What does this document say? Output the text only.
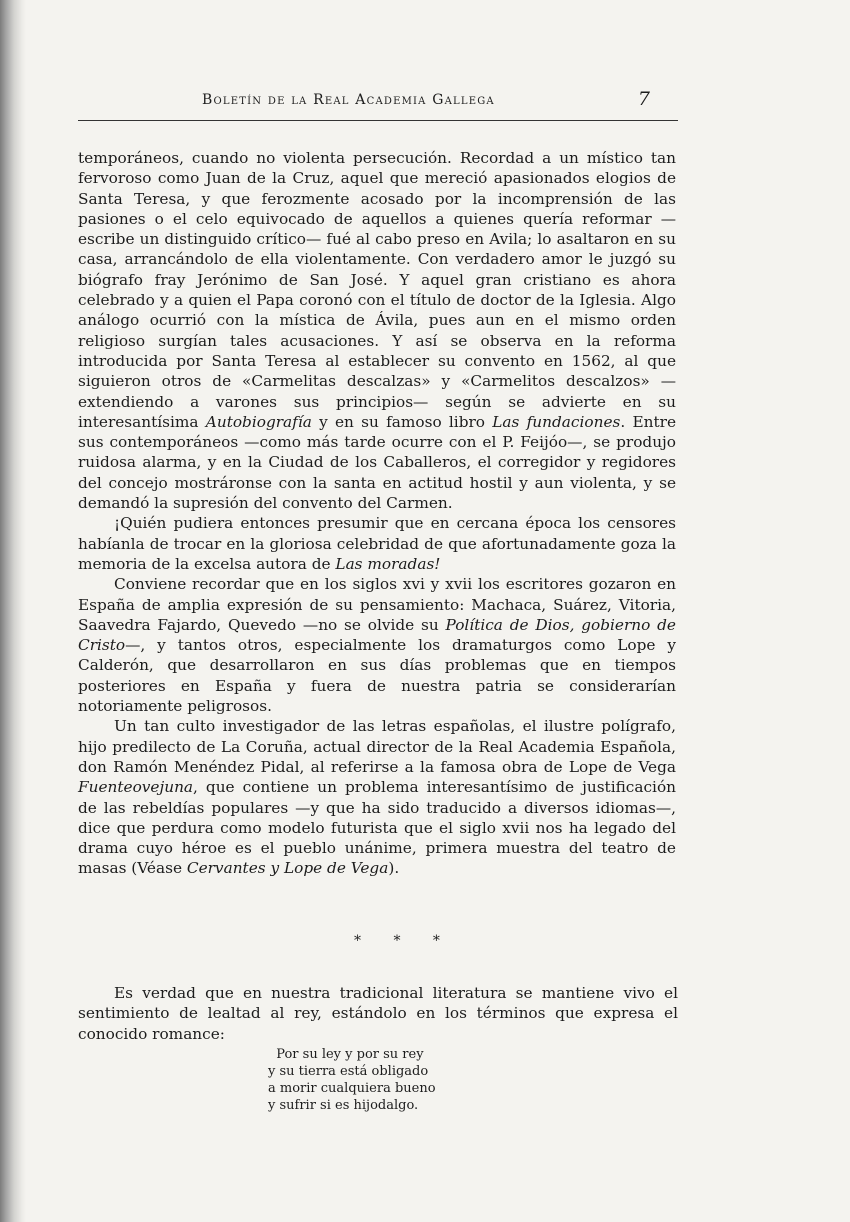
Boletín de la Real Academia Gallega	7

temporáneos, cuando no violenta persecución. Recordad a un místico tan fervoroso como Juan de la Cruz, aquel que mereció apasionados elogios de Santa Teresa, y que ferozmente acosado por la incomprensión de las pasiones o el celo equivocado de aquellos a quienes quería reformar —escribe un distinguido crítico— fué al cabo preso en Avila; lo asaltaron en su casa, arrancándolo de ella violentamente. Con verdadero amor le juzgó su biógrafo fray Jerónimo de San José. Y aquel gran cristiano es ahora celebrado y a quien el Papa coronó con el título de doctor de la Iglesia. Algo análogo ocurrió con la mística de Ávila, pues aun en el mismo orden religioso surgían tales acusaciones. Y así se observa en la reforma introducida por Santa Teresa al establecer su convento en 1562, al que siguieron otros de «Carmelitas descalzas» y «Carmelitos descalzos» —extendiendo a varones sus principios— según se advierte en su interesantísima Autobiografía y en su famoso libro Las fundaciones. Entre sus contemporáneos —como más tarde ocurre con el P. Feijóo—, se produjo ruidosa alarma, y en la Ciudad de los Caballeros, el corregidor y regidores del concejo mostráronse con la santa en actitud hostil y aun violenta, y se demandó la supresión del convento del Carmen.

¡Quién pudiera entonces presumir que en cercana época los censores habíanla de trocar en la gloriosa celebridad de que afortunadamente goza la memoria de la excelsa autora de Las moradas!

Conviene recordar que en los siglos xvi y xvii los escritores gozaron en España de amplia expresión de su pensamiento: Machaca, Suárez, Vitoria, Saavedra Fajardo, Quevedo —no se olvide su Política de Dios, gobierno de Cristo—, y tantos otros, especialmente los dramaturgos como Lope y Calderón, que desarrollaron en sus días problemas que en tiempos posteriores en España y fuera de nuestra patria se considerarían notoriamente peligrosos.

Un tan culto investigador de las letras españolas, el ilustre polígrafo, hijo predilecto de La Coruña, actual director de la Real Academia Española, don Ramón Menéndez Pidal, al referirse a la famosa obra de Lope de Vega Fuenteovejuna, que contiene un problema interesantísimo de justificación de las rebeldías populares —y que ha sido traducido a diversos idiomas—, dice que perdura como modelo futurista que el siglo xvii nos ha legado del drama cuyo héroe es el pueblo unánime, primera muestra del teatro de masas (Véase Cervantes y Lope de Vega).

* * *

Es verdad que en nuestra tradicional literatura se mantiene vivo el sentimiento de lealtad al rey, estándolo en los términos que expresa el conocido romance:

Por su ley y por su rey
y su tierra está obligado
a morir cualquiera bueno
y sufrir si es hijodalgo.
